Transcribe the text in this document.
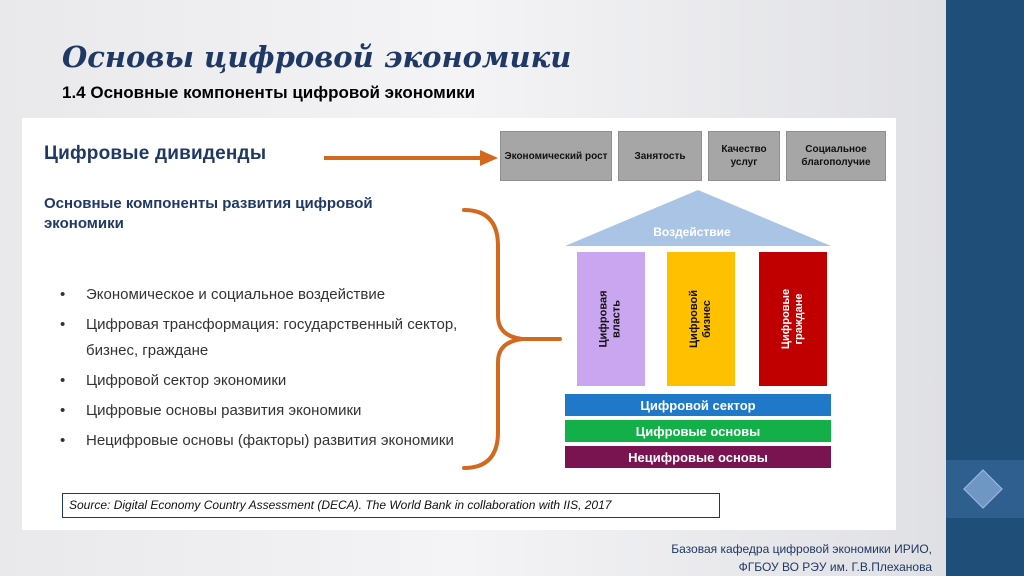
Основы цифровой экономики
1.4 Основные компоненты цифровой экономики
Цифровые дивиденды
Основные компоненты развития цифровой экономики
• Экономическое и социальное воздействие
• Цифровая трансформация: государственный сектор, бизнес, граждане
• Цифровой сектор экономики
• Цифровые основы развития экономики
• Нецифровые основы (факторы) развития экономики
Экономический рост	Занятость
Качество услуг
Социальное благополучие
Воздействие
Цифровая
власть	Цифровой
бизнес	Цифровые
граждане
Цифровой сектор
Цифровые основы
Нецифровые основы
Source: Digital Economy Country Assessment (DECA). The World Bank in collaboration with IIS, 2017
Базовая кафедра цифровой экономики ИРИО,
ФГБОУ ВО РЭУ им. Г.В.Плеханова
